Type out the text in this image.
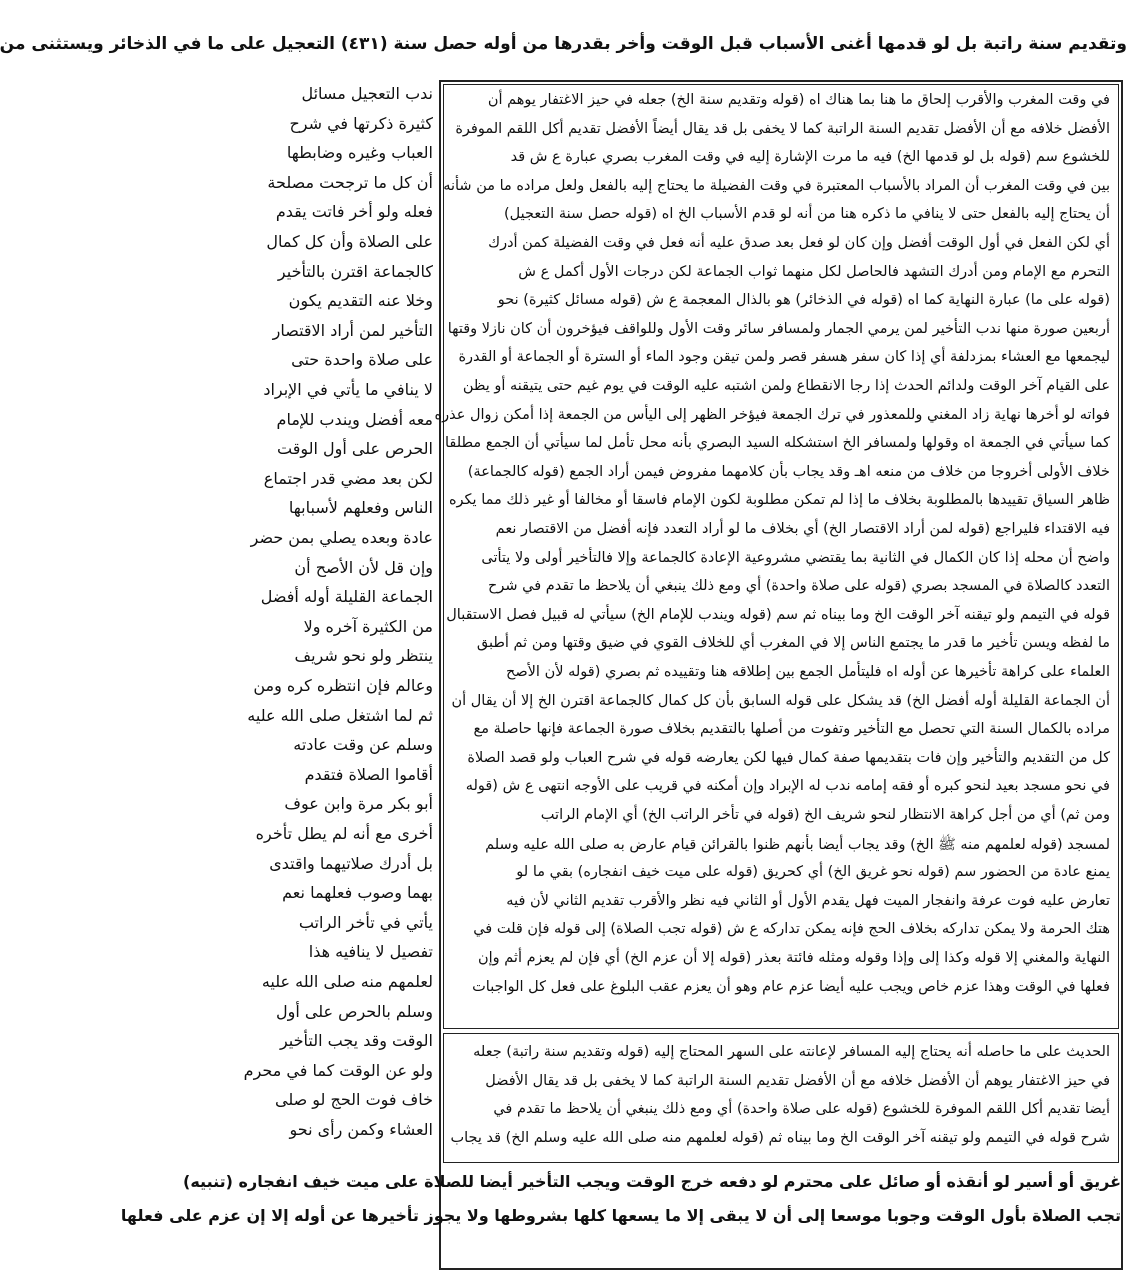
وتقديم سنة راتبة بل لو قدمها أغنى الأسباب قبل الوقت وأخر بقدرها من أوله حصل سنة (٤٣١) التعجيل على ما في الذخائر ويستثنى من
في وقت المغرب والأقرب إلحاق ما هنا بما هناك اه (قوله وتقديم سنة الخ) جعله في حيز الاغتفار يوهم أن
الأفضل خلافه مع أن الأفضل تقديم السنة الراتبة كما لا يخفى بل قد يقال أيضاً الأفضل تقديم أكل اللقم الموفرة
للخشوع سم (قوله بل لو قدمها الخ) فيه ما مرت الإشارة إليه في وقت المغرب بصري عبارة ع ش قد
بين في وقت المغرب أن المراد بالأسباب المعتبرة في وقت الفضيلة ما يحتاج إليه بالفعل ولعل مراده ما من شأنه
أن يحتاج إليه بالفعل حتى لا ينافي ما ذكره هنا من أنه لو قدم الأسباب الخ اه (قوله حصل سنة التعجيل)
أي لكن الفعل في أول الوقت أفضل وإن كان لو فعل بعد صدق عليه أنه فعل في وقت الفضيلة كمن أدرك
التحرم مع الإمام ومن أدرك التشهد فالحاصل لكل منهما ثواب الجماعة لكن درجات الأول أكمل ع ش
(قوله على ما) عبارة النهاية كما اه (قوله في الذخائر) هو بالذال المعجمة ع ش (قوله مسائل كثيرة) نحو
أربعين صورة منها ندب التأخير لمن يرمي الجمار ولمسافر سائر وقت الأول وللواقف فيؤخرون أن كان نازلا وقتها
ليجمعها مع العشاء بمزدلفة أي إذا كان سفر هسفر قصر ولمن تيقن وجود الماء أو السترة أو الجماعة أو القدرة
على القيام آخر الوقت ولدائم الحدث إذا رجا الانقطاع ولمن اشتبه عليه الوقت في يوم غيم حتى يتيقنه أو يظن
فواته لو أخرها نهاية زاد المغني وللمعذور في ترك الجمعة فيؤخر الظهر إلى اليأس من الجمعة إذا أمكن زوال عذره
كما سيأتي في الجمعة اه وقولها ولمسافر الخ استشكله السيد البصري بأنه محل تأمل لما سيأتي أن الجمع مطلقا
خلاف الأولى أخروجا من خلاف من منعه اهـ وقد يجاب بأن كلامهما مفروض فيمن أراد الجمع (قوله كالجماعة)
ظاهر السياق تقييدها بالمطلوبة بخلاف ما إذا لم تمكن مطلوبة لكون الإمام فاسقا أو مخالفا أو غير ذلك مما يكره
فيه الاقتداء فليراجع (قوله لمن أراد الاقتصار الخ) أي بخلاف ما لو أراد التعدد فإنه أفضل من الاقتصار نعم
واضح أن محله إذا كان الكمال في الثانية بما يقتضي مشروعية الإعادة كالجماعة وإلا فالتأخير أولى ولا يتأتى
التعدد كالصلاة في المسجد بصري (قوله على صلاة واحدة) أي ومع ذلك ينبغي أن يلاحظ ما تقدم في شرح
قوله في التيمم ولو تيقنه آخر الوقت الخ وما بيناه ثم سم (قوله ويندب للإمام الخ) سيأتي له قبيل فصل الاستقبال
ما لفظه ويسن تأخير ما قدر ما يجتمع الناس إلا في المغرب أي للخلاف القوي في ضيق وقتها ومن ثم أطبق
العلماء على كراهة تأخيرها عن أوله اه فليتأمل الجمع بين إطلاقه هنا وتقييده ثم بصري (قوله لأن الأصح
أن الجماعة القليلة أوله أفضل الخ) قد يشكل على قوله السابق بأن كل كمال كالجماعة اقترن الخ إلا أن يقال أن
مراده بالكمال السنة التي تحصل مع التأخير وتفوت من أصلها بالتقديم بخلاف صورة الجماعة فإنها حاصلة مع
كل من التقديم والتأخير وإن فات بتقديمها صفة كمال فيها لكن يعارضه قوله في شرح العباب ولو قصد الصلاة
في نحو مسجد بعيد لنحو كبره أو فقه إمامه ندب له الإبراد وإن أمكنه في قريب على الأوجه انتهى ع ش (قوله
ومن ثم) أي من أجل كراهة الانتظار لنحو شريف الخ (قوله في تأخر الراتب الخ) أي الإمام الراتب
لمسجد (قوله لعلمهم منه ﷺ الخ) وقد يجاب أيضا بأنهم ظنوا بالقرائن قيام عارض به صلى الله عليه وسلم
يمنع عادة من الحضور سم (قوله نحو غريق الخ) أي كحريق (قوله على ميت خيف انفجاره) بقي ما لو
تعارض عليه فوت عرفة وانفجار الميت فهل يقدم الأول أو الثاني فيه نظر والأقرب تقديم الثاني لأن فيه
هتك الحرمة ولا يمكن تداركه بخلاف الحج فإنه يمكن تداركه ع ش (قوله تجب الصلاة) إلى قوله فإن قلت في
النهاية والمغني إلا قوله وكذا إلى وإذا وقوله ومثله فائتة بعذر (قوله إلا أن عزم الخ) أي فإن لم يعزم أثم وإن
فعلها في الوقت وهذا عزم خاص ويجب عليه أيضا عزم عام وهو أن يعزم عقب البلوغ على فعل كل الواجبات
الحديث على ما حاصله أنه يحتاج إليه المسافر لإعانته على السهر المحتاج إليه (قوله وتقديم سنة راتبة) جعله
في حيز الاغتفار يوهم أن الأفضل خلافه مع أن الأفضل تقديم السنة الراتبة كما لا يخفى بل قد يقال الأفضل
أيضا تقديم أكل اللقم الموفرة للخشوع (قوله على صلاة واحدة) أي ومع ذلك ينبغي أن يلاحظ ما تقدم في
شرح قوله في التيمم ولو تيقنه آخر الوقت الخ وما بيناه ثم (قوله لعلمهم منه صلى الله عليه وسلم الخ) قد يجاب
ندب التعجيل مسائل
كثيرة ذكرتها في شرح
العباب وغيره وضابطها
أن كل ما ترجحت مصلحة
فعله ولو أخر فاتت يقدم
على الصلاة وأن كل كمال
كالجماعة اقترن بالتأخير
وخلا عنه التقديم يكون
التأخير لمن أراد الاقتصار
على صلاة واحدة حتى
لا ينافي ما يأتي في الإبراد
معه أفضل ويندب للإمام
الحرص على أول الوقت
لكن بعد مضي قدر اجتماع
الناس وفعلهم لأسبابها
عادة وبعده يصلي بمن حضر
وإن قل لأن الأصح أن
الجماعة القليلة أوله أفضل
من الكثيرة آخره ولا
ينتظر ولو نحو شريف
وعالم فإن انتظره كره ومن
ثم لما اشتغل صلى الله عليه
وسلم عن وقت عادته
أقاموا الصلاة فتقدم
أبو بكر مرة وابن عوف
أخرى مع أنه لم يطل تأخره
بل أدرك صلاتيهما واقتدى
بهما وصوب فعلهما نعم
يأتي في تأخر الراتب
تفصيل لا ينافيه هذا
لعلمهم منه صلى الله عليه
وسلم بالحرص على أول
الوقت وقد يجب التأخير
ولو عن الوقت كما في محرم
خاف فوت الحج لو صلى
العشاء وكمن رأى نحو
غريق أو أسير لو أنقذه أو صائل على محترم لو دفعه خرج الوقت ويجب التأخير أيضا للصلاة على ميت خيف انفجاره (تنبيه)
تجب الصلاة بأول الوقت وجوبا موسعا إلى أن لا يبقى إلا ما يسعها كلها بشروطها ولا يجوز تأخيرها عن أوله إلا إن عزم على فعلها
